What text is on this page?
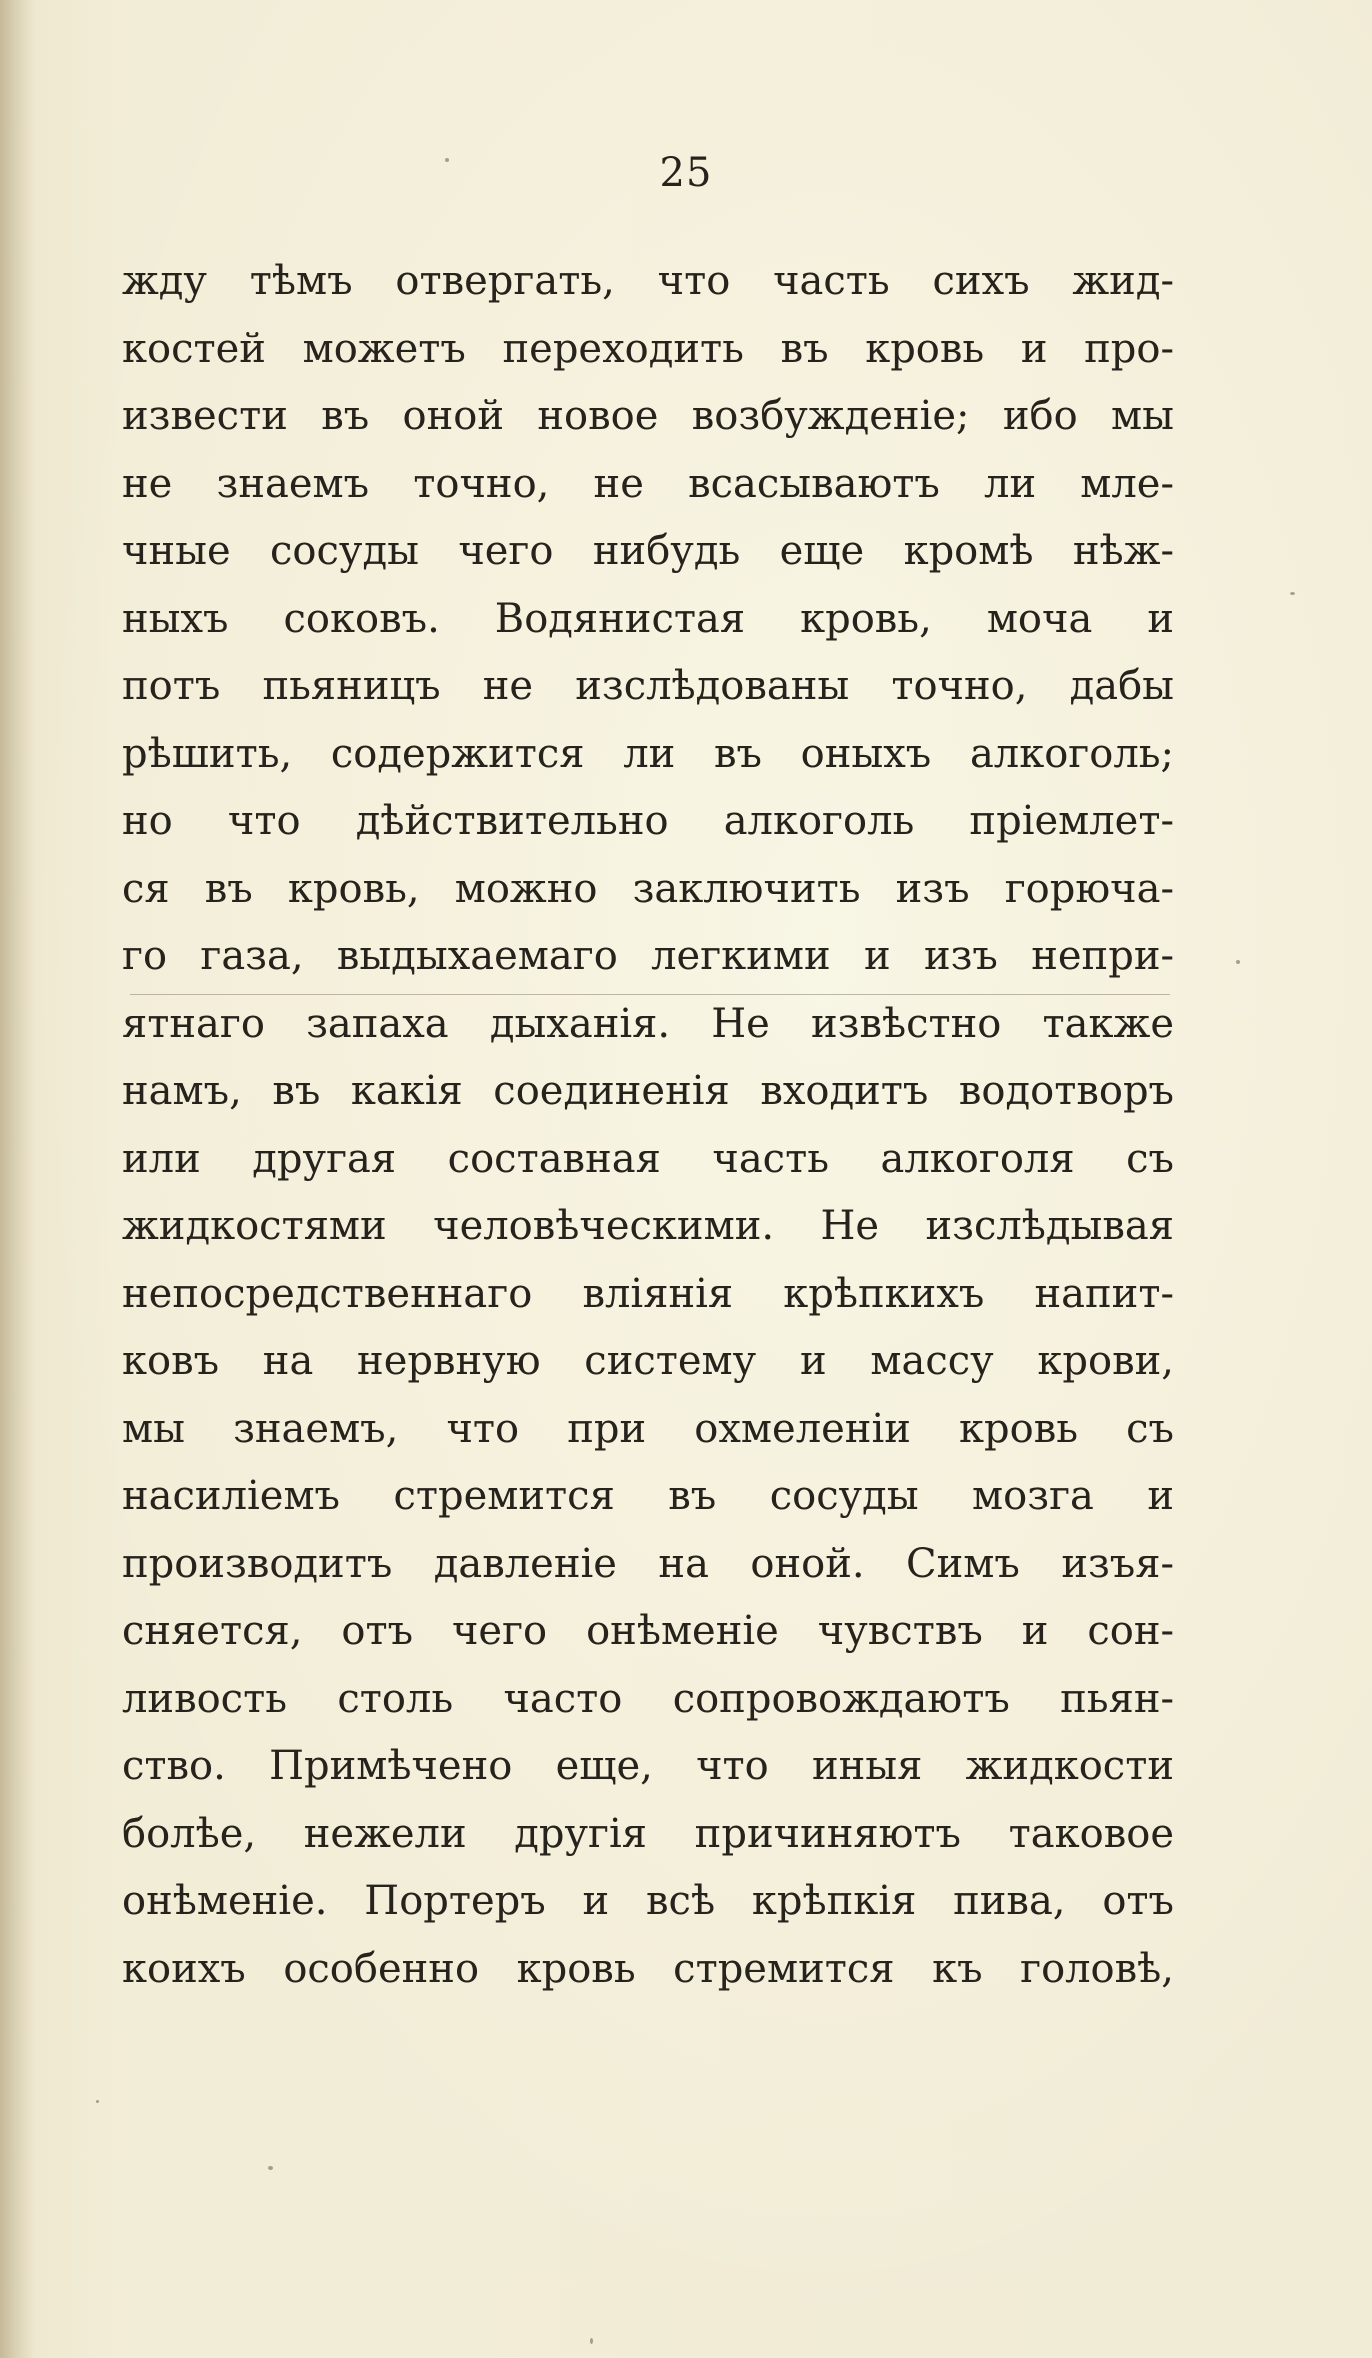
25
жду тѣмъ отвергать, что часть сихъ жид-
костей можетъ переходить въ кровь и про-
извести въ оной новое возбужденіе; ибо мы
не знаемъ точно, не всасываютъ ли мле-
чные сосуды чего нибудь еще кромѣ нѣж-
ныхъ соковъ. Водянистая кровь, моча и
потъ пьяницъ не изслѣдованы точно, дабы
рѣшить, содержится ли въ оныхъ алкоголь;
но что дѣйствительно алкоголь пріемлет-
ся въ кровь, можно заключить изъ горюча-
го газа, выдыхаемаго легкими и изъ непри-
ятнаго запаха дыханія. Не извѣстно также
намъ, въ какія соединенія входитъ водотворъ
или другая составная часть алкоголя съ
жидкостями человѣческими. Не изслѣдывая
непосредственнаго вліянія крѣпкихъ напит-
ковъ на нервную систему и массу крови,
мы знаемъ, что при охмеленіи кровь съ
насиліемъ стремится въ сосуды мозга и
производитъ давленіе на оной. Симъ изъя-
сняется, отъ чего онѣменіе чувствъ и сон-
ливость столь часто сопровождаютъ пьян-
ство. Примѣчено еще, что иныя жидкости
болѣе, нежели другія причиняютъ таковое
онѣменіе. Портеръ и всѣ крѣпкія пива, отъ
коихъ особенно кровь стремится къ головѣ,
